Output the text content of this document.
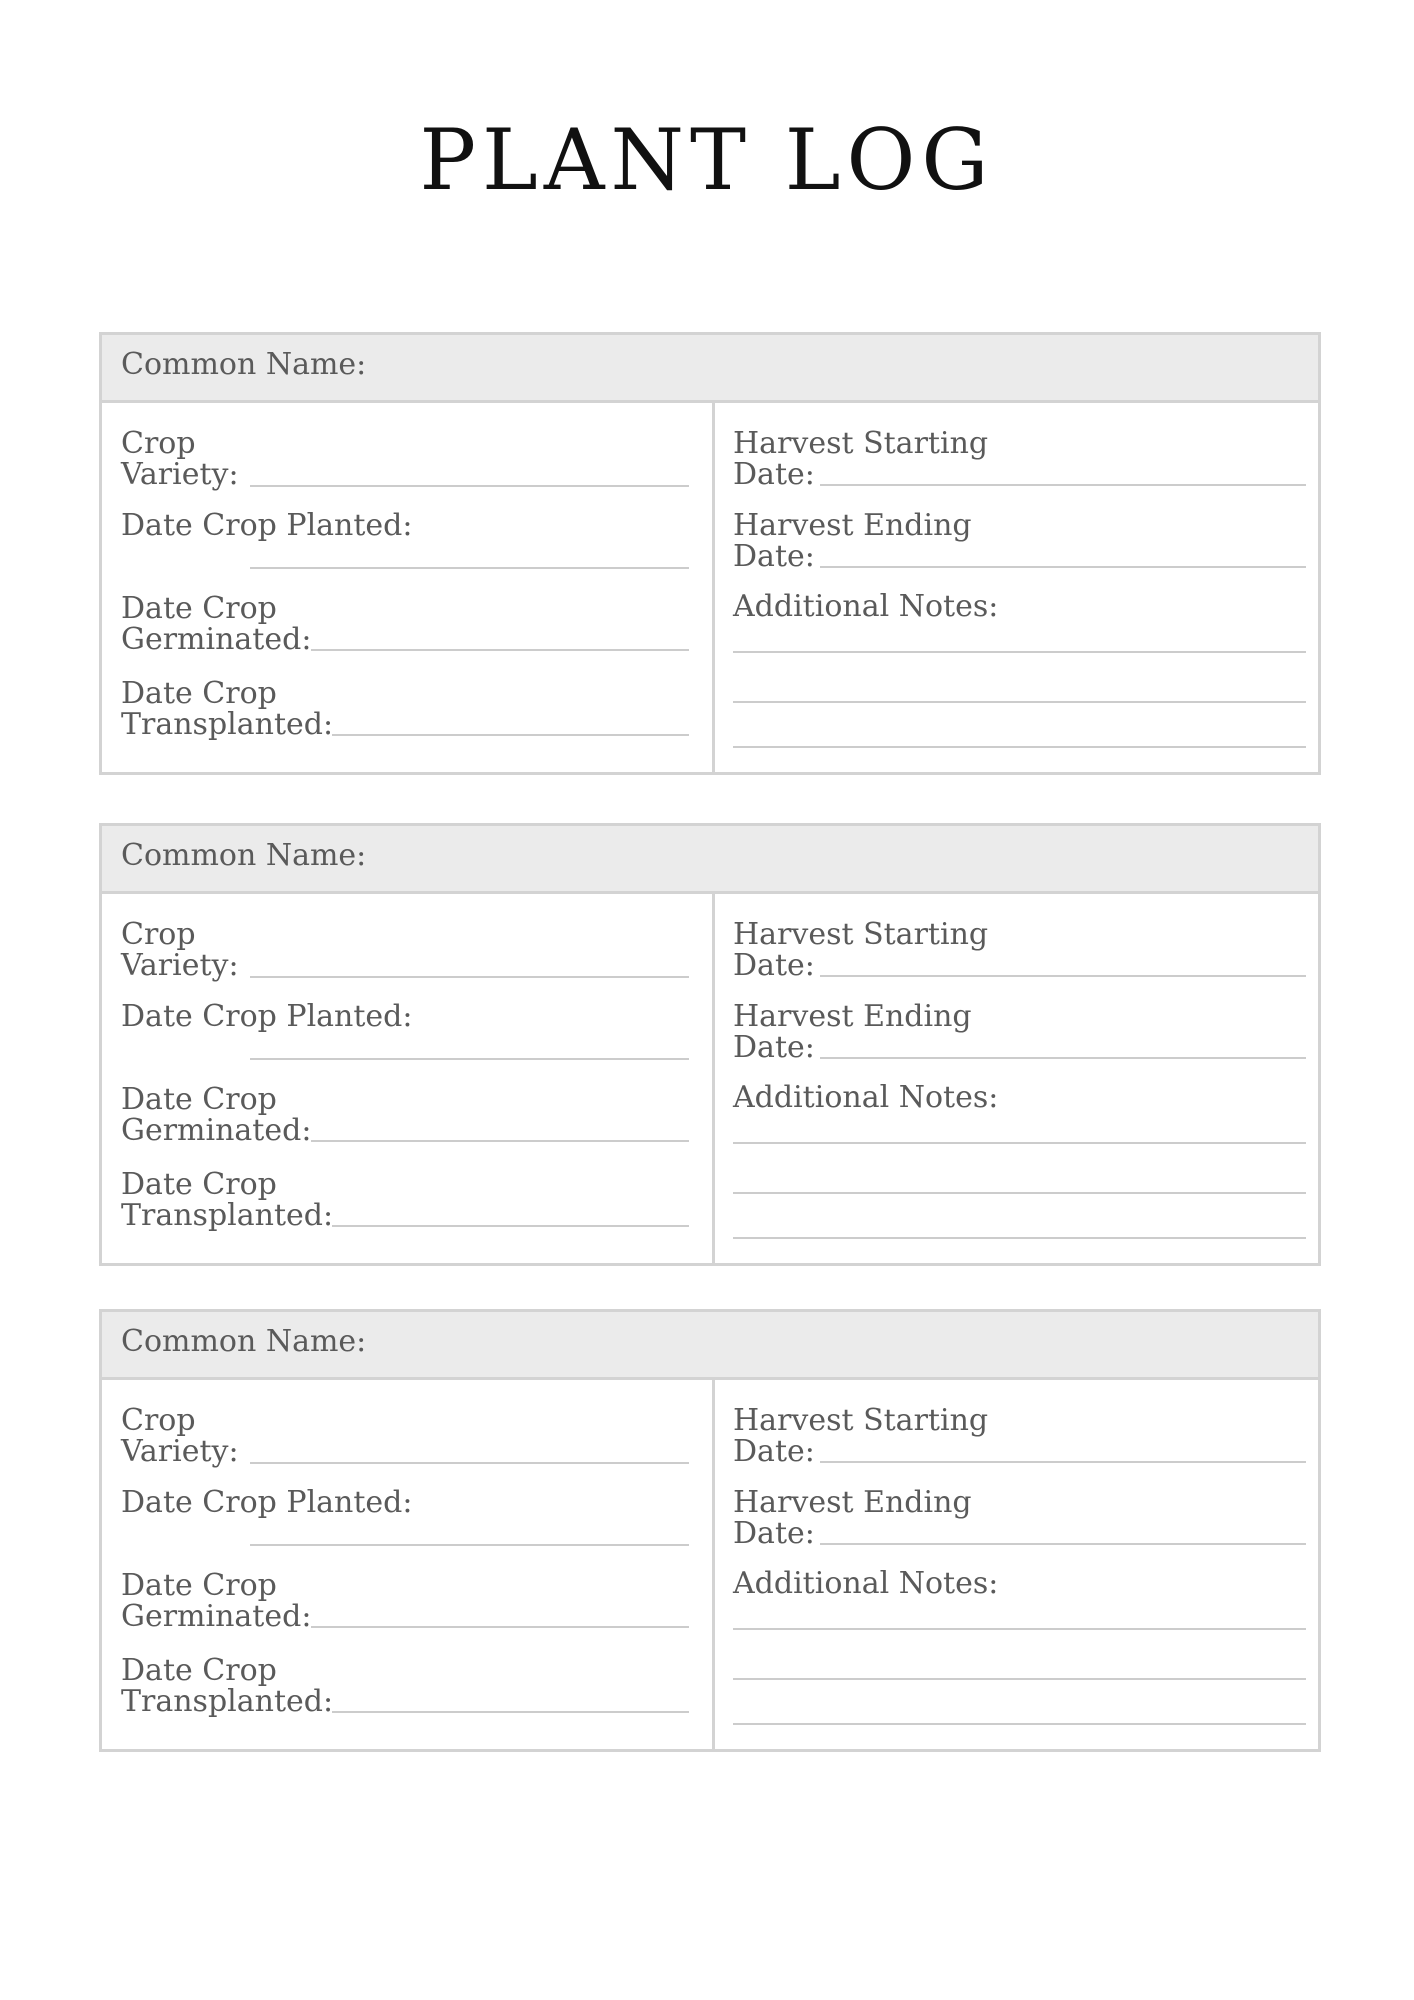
PLANT LOG
Common Name:
Crop
Variety:
Date Crop Planted:
Date Crop
Germinated:
Date Crop
Transplanted:
Harvest Starting
Date:
Harvest Ending
Date:
Additional Notes:
Common Name:
Crop
Variety:
Date Crop Planted:
Date Crop
Germinated:
Date Crop
Transplanted:
Harvest Starting
Date:
Harvest Ending
Date:
Additional Notes:
Common Name:
Crop
Variety:
Date Crop Planted:
Date Crop
Germinated:
Date Crop
Transplanted:
Harvest Starting
Date:
Harvest Ending
Date:
Additional Notes:
